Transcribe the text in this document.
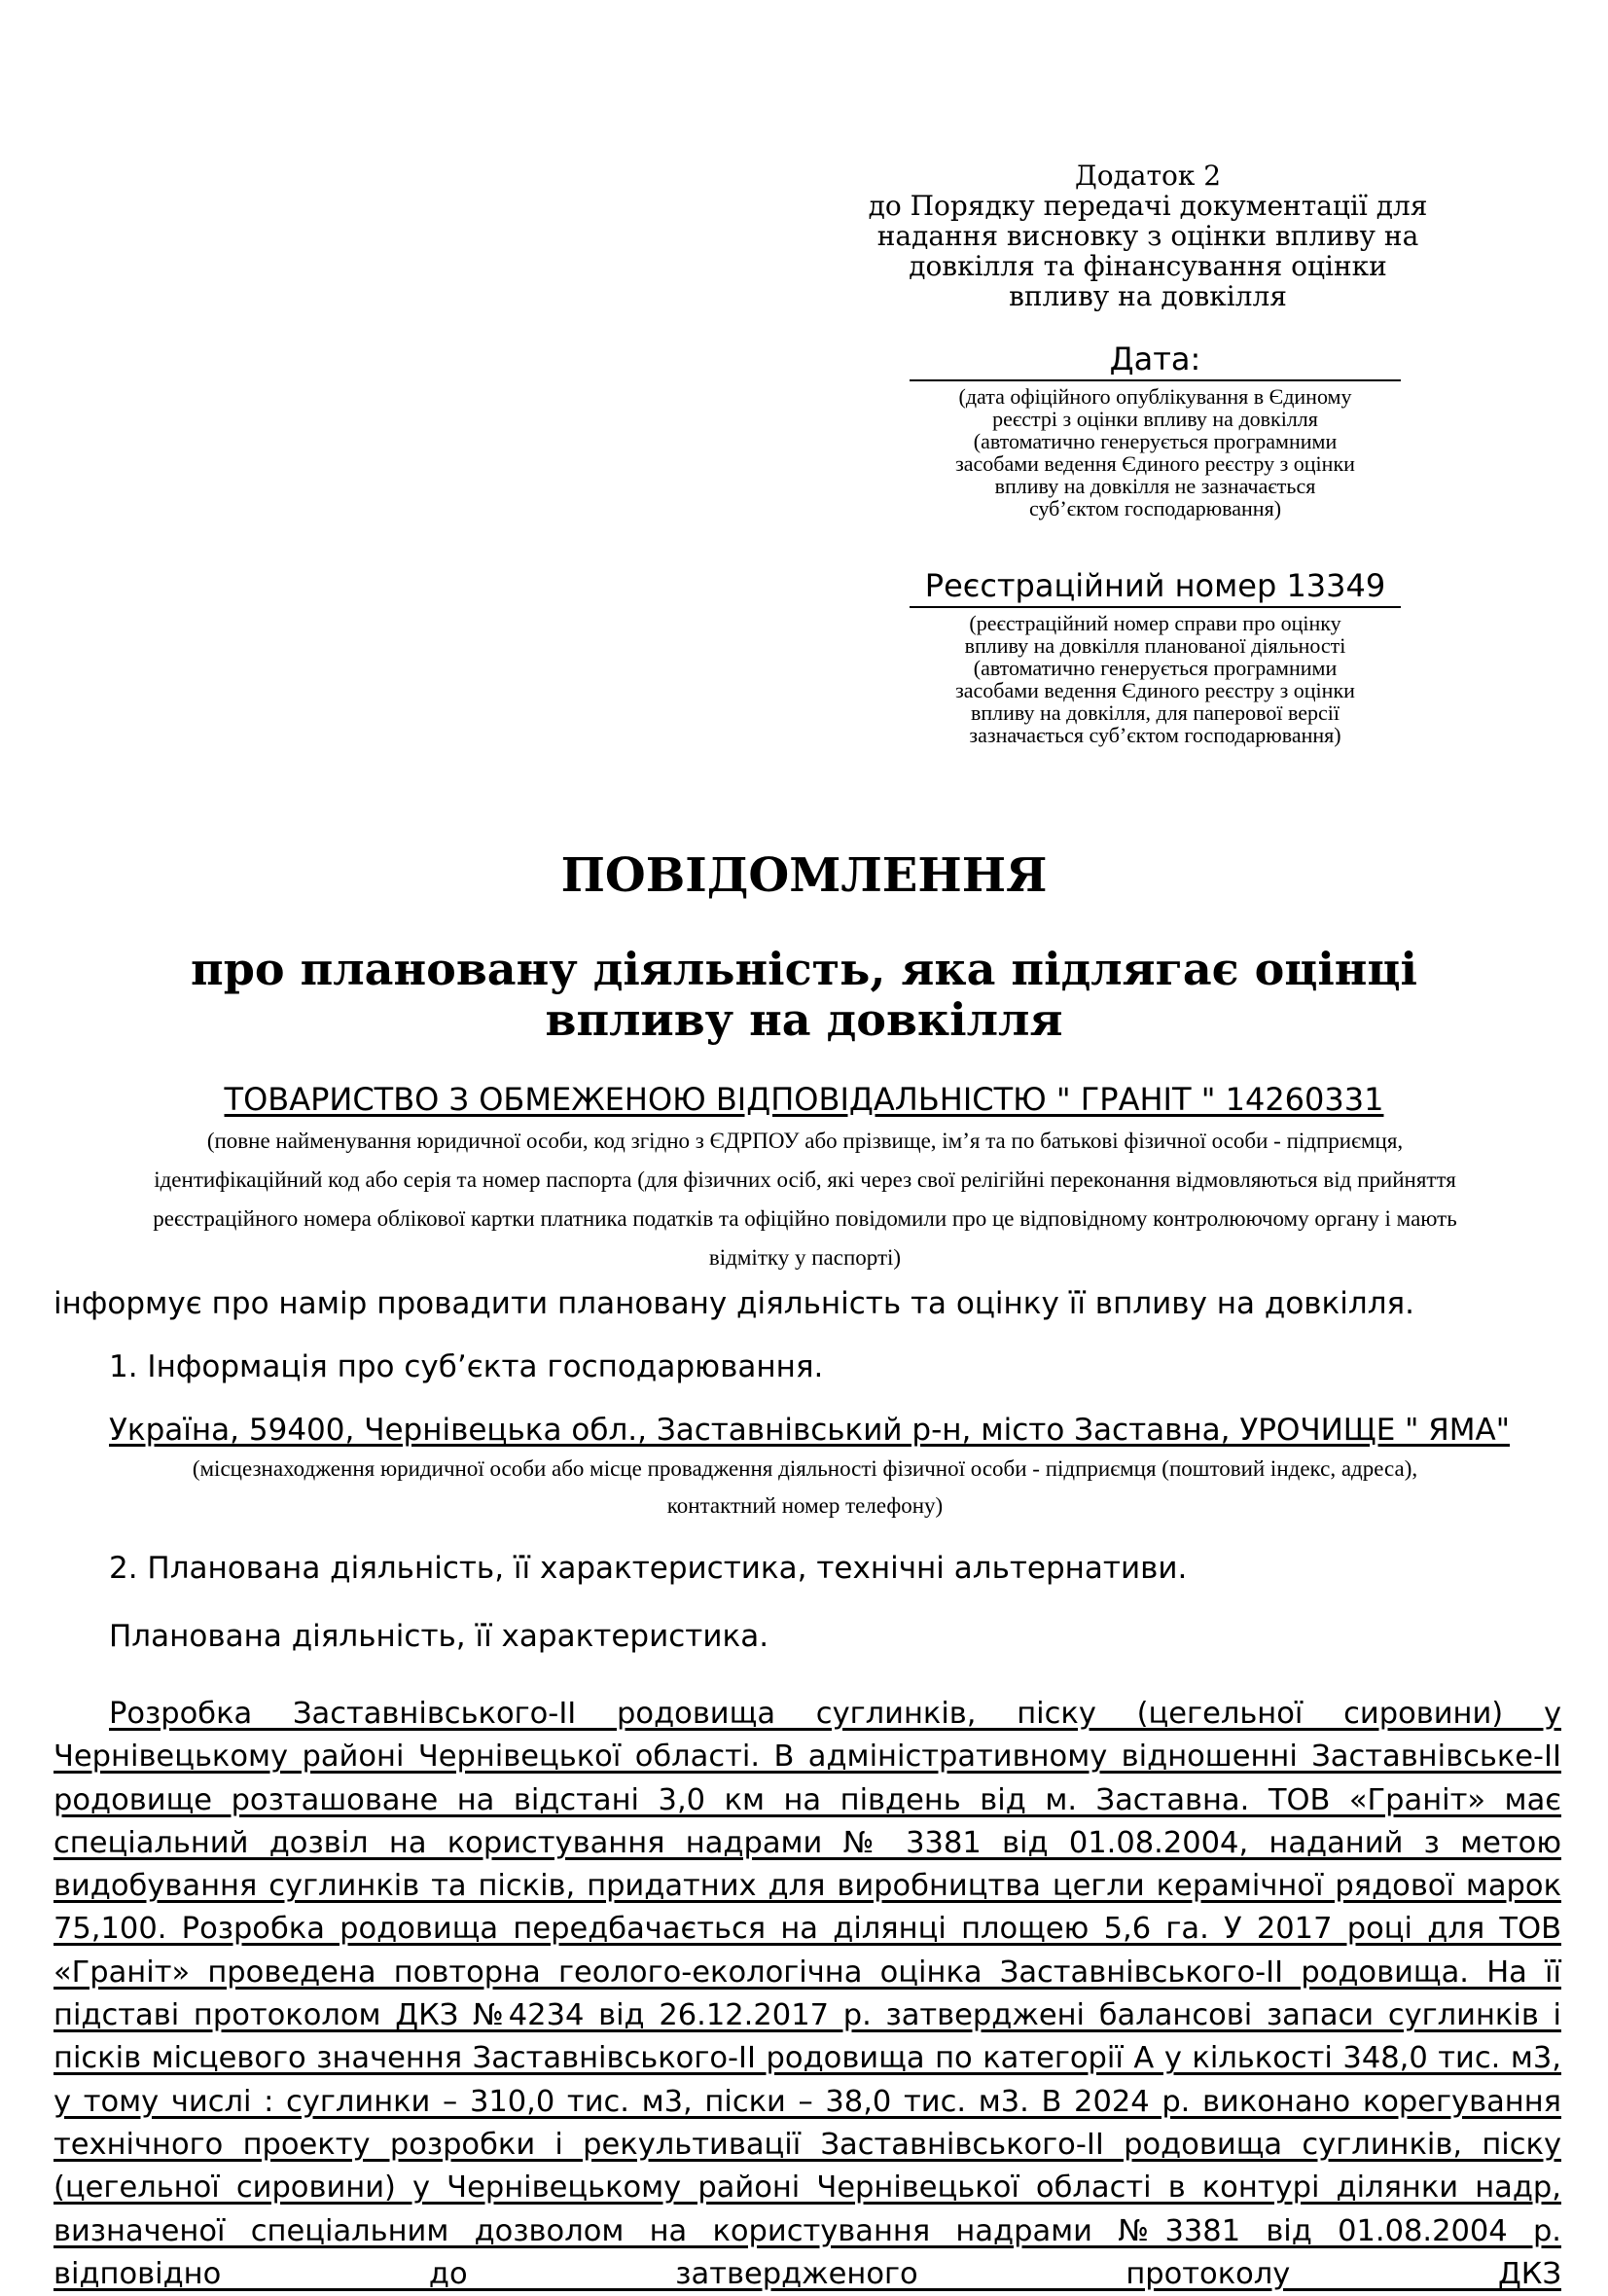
Додаток 2
до Порядку передачі документації для
надання висновку з оцінки впливу на
довкілля та фінансування оцінки
впливу на довкілля
Дата:
(дата офіційного опублікування в Єдиному
реєстрі з оцінки впливу на довкілля
(автоматично генерується програмними
засобами ведення Єдиного реєстру з оцінки
впливу на довкілля не зазначається
суб’єктом господарювання)
Реєстраційний номер 13349
(реєстраційний номер справи про оцінку
впливу на довкілля планованої діяльності
(автоматично генерується програмними
засобами ведення Єдиного реєстру з оцінки
впливу на довкілля, для паперової версії
зазначається суб’єктом господарювання)
ПОВІДОМЛЕННЯ
про плановану діяльність, яка підлягає оцінці
впливу на довкілля
ТОВАРИСТВО З ОБМЕЖЕНОЮ ВІДПОВІДАЛЬНІСТЮ " ГРАНІТ " 14260331
(повне найменування юридичної особи, код згідно з ЄДРПОУ або прізвище, ім’я та по батькові фізичної особи - підприємця,
ідентифікаційний код або серія та номер паспорта (для фізичних осіб, які через свої релігійні переконання відмовляються від прийняття
реєстраційного номера облікової картки платника податків та офіційно повідомили про це відповідному контролюючому органу і мають
відмітку у паспорті)
інформує про намір провадити плановану діяльність та оцінку її впливу на довкілля.
1. Інформація про суб’єкта господарювання.
Україна, 59400, Чернівецька обл., Заставнівський р-н, місто Заставна, УРОЧИЩЕ " ЯМА"
(місцезнаходження юридичної особи або місце провадження діяльності фізичної особи - підприємця (поштовий індекс, адреса),
контактний номер телефону)
2. Планована діяльність, її характеристика, технічні альтернативи.
Планована діяльність, її характеристика.
Розробка Заставнівського-ІІ родовища суглинків, піску (цегельної сировини) у Чернівецькому районі Чернівецької області. В адміністративному відношенні Заставнівське-ІІ родовище розташоване на відстані 3,0 км на південь від м. Заставна. ТОВ «Граніт» має спеціальний дозвіл на користування надрами № 3381 від 01.08.2004, наданий з метою видобування суглинків та пісків, придатних для виробництва цегли керамічної рядової марок 75,100. Розробка родовища передбачається на ділянці площею 5,6 га. У 2017 році для ТОВ «Граніт» проведена повторна геолого-екологічна оцінка Заставнівського-ІІ родовища. На її підставі протоколом ДКЗ №4234 від 26.12.2017 р. затверджені балансові запаси суглинків і пісків місцевого значення Заставнівського-ІІ родовища по категорії А у кількості 348,0 тис. м3, у тому числі : суглинки – 310,0 тис. м3, піски – 38,0 тис. м3. В 2024 р. виконано корегування технічного проекту розробки і рекультивації Заставнівського-ІІ родовища суглинків, піску (цегельної сировини) у Чернівецькому районі Чернівецької області в контурі ділянки надр, визначеної спеціальним дозволом на користування надрами №3381 від 01.08.2004 р. відповідно до затвердженого протоколу ДКЗ
